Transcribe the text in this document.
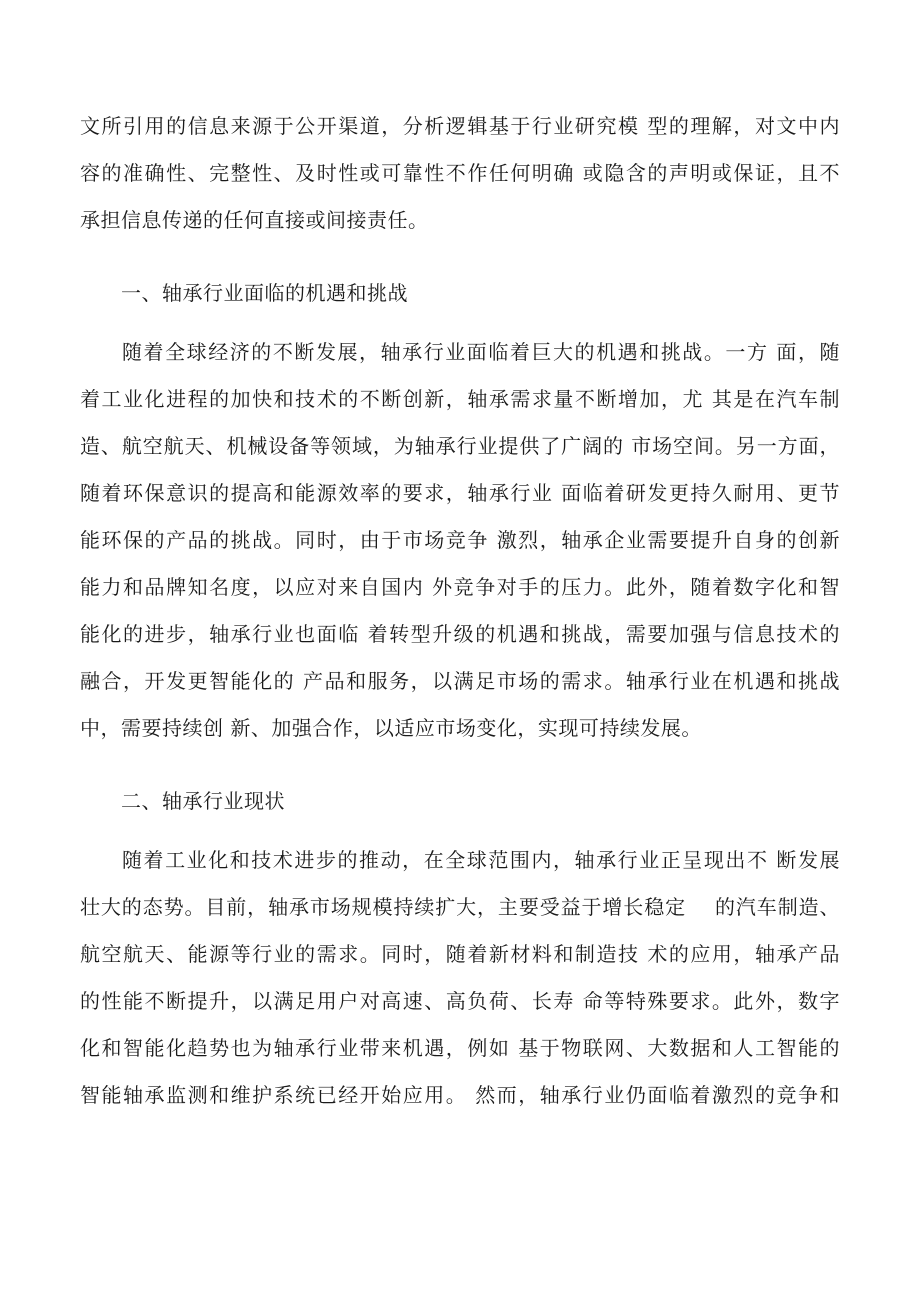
文所引用的信息来源于公开渠道，分析逻辑基于行业研究模 型的理解，对文中内
容的准确性、完整性、及时性或可靠性不作任何明确 或隐含的声明或保证，且不
承担信息传递的任何直接或间接责任。
一、轴承行业面临的机遇和挑战
随着全球经济的不断发展，轴承行业面临着巨大的机遇和挑战。一方 面，随
着工业化进程的加快和技术的不断创新，轴承需求量不断增加，尤 其是在汽车制
造、航空航天、机械设备等领域，为轴承行业提供了广阔的 市场空间。另一方面，
随着环保意识的提高和能源效率的要求，轴承行业 面临着研发更持久耐用、更节
能环保的产品的挑战。同时，由于市场竞争 激烈，轴承企业需要提升自身的创新
能力和品牌知名度，以应对来自国内 外竞争对手的压力。此外，随着数字化和智
能化的进步，轴承行业也面临 着转型升级的机遇和挑战，需要加强与信息技术的
融合，开发更智能化的 产品和服务，以满足市场的需求。轴承行业在机遇和挑战
中，需要持续创 新、加强合作，以适应市场变化，实现可持续发展。
二、轴承行业现状
随着工业化和技术进步的推动，在全球范围内，轴承行业正呈现出不 断发展
壮大的态势。目前，轴承市场规模持续扩大，主要受益于增长稳定    的汽车制造、
航空航天、能源等行业的需求。同时，随着新材料和制造技 术的应用，轴承产品
的性能不断提升，以满足用户对高速、高负荷、长寿 命等特殊要求。此外，数字
化和智能化趋势也为轴承行业带来机遇，例如 基于物联网、大数据和人工智能的
智能轴承监测和维护系统已经开始应用。 然而，轴承行业仍面临着激烈的竞争和
